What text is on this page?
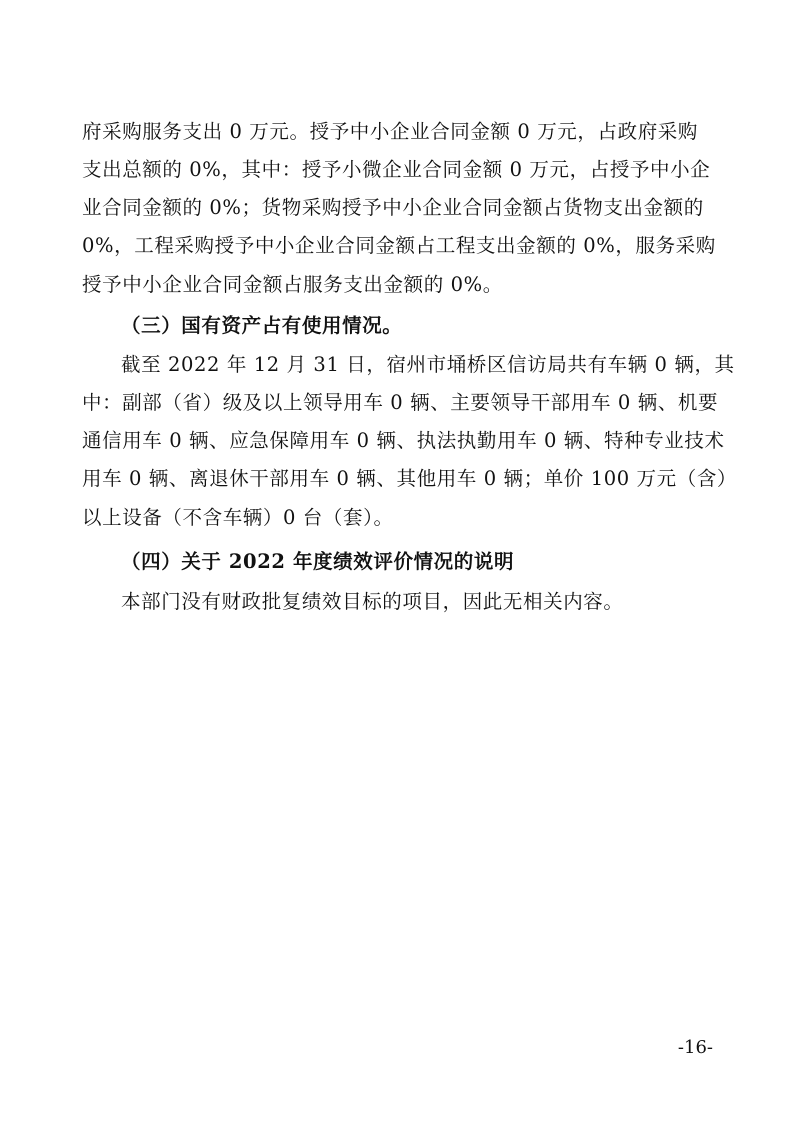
府采购服务支出 0 万元。授予中小企业合同金额 0 万元，占政府采购
支出总额的 0%，其中：授予小微企业合同金额 0 万元，占授予中小企
业合同金额的 0%；货物采购授予中小企业合同金额占货物支出金额的
0%，工程采购授予中小企业合同金额占工程支出金额的 0%，服务采购
授予中小企业合同金额占服务支出金额的 0%。
（三）国有资产占有使用情况。
截至 2022 年 12 月 31 日，宿州市埇桥区信访局共有车辆 0 辆，其
中：副部（省）级及以上领导用车 0 辆、主要领导干部用车 0 辆、机要
通信用车 0 辆、应急保障用车 0 辆、执法执勤用车 0 辆、特种专业技术
用车 0 辆、离退休干部用车 0 辆、其他用车 0 辆；单价 100 万元（含）
以上设备（不含车辆）0 台（套）。
（四）关于 2022 年度绩效评价情况的说明
本部门没有财政批复绩效目标的项目，因此无相关内容。
-16-
